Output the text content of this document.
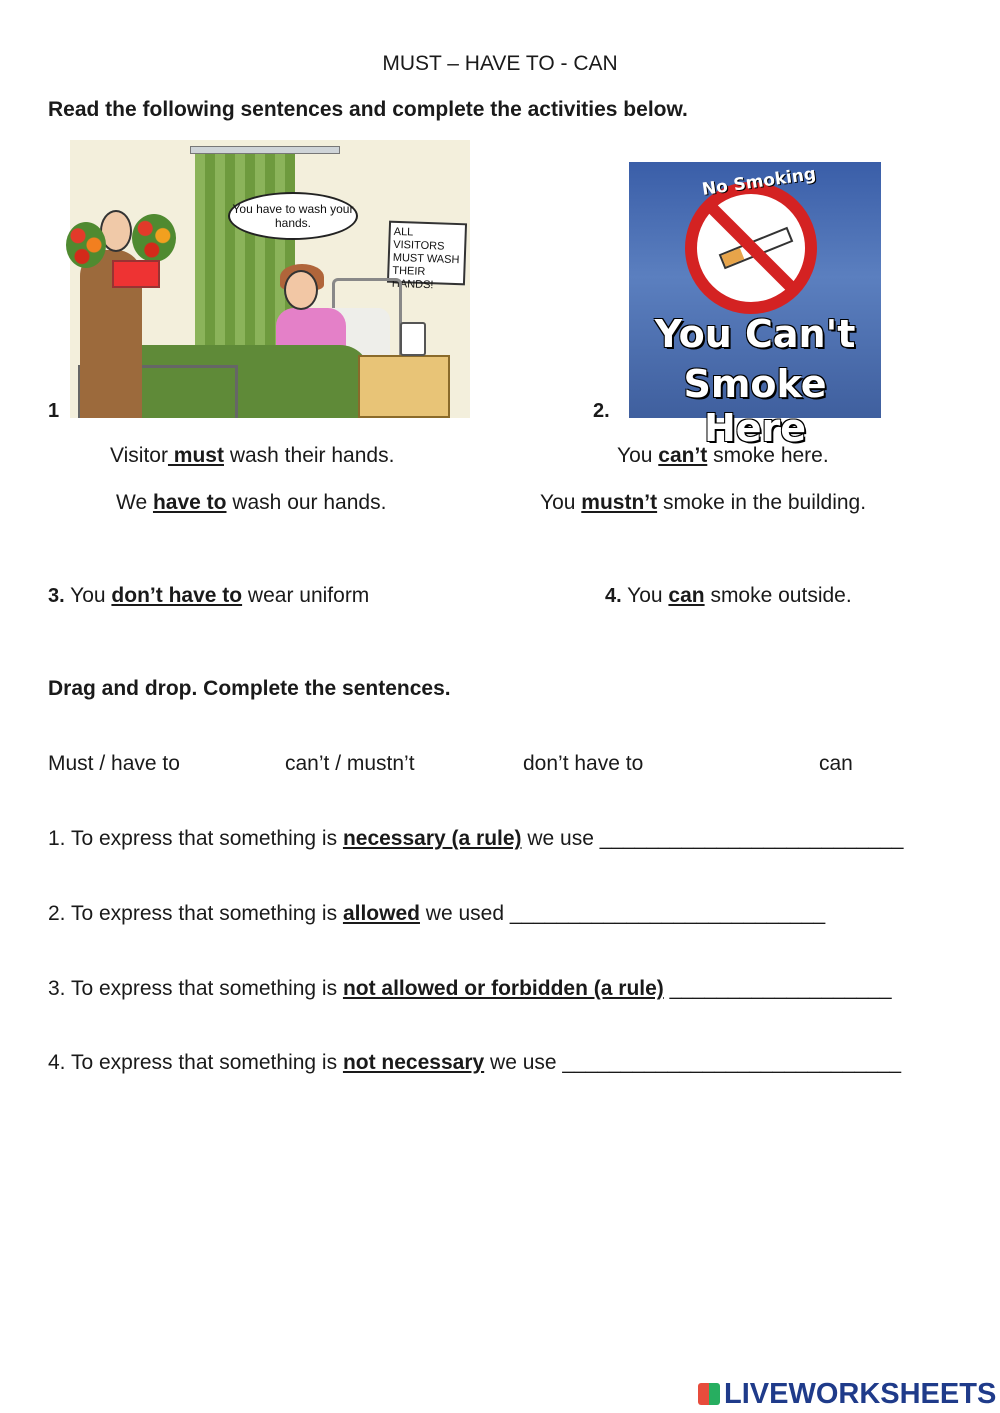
MUST – HAVE TO - CAN
Read the following sentences and complete the activities below.
You have to wash your hands.
ALL VISITORS MUST WASH THEIR HANDS!
1	2.
No Smoking
You Can't
Smoke Here
Visitor must wash their hands.
We have to wash our hands.
You can’t smoke here.
You mustn’t smoke in the building.
3. You don’t have to wear uniform	4. You can smoke outside.
Drag and drop. Complete the sentences.
Must / have to	can’t / mustn’t	don’t have to	can
1. To express that something is necessary (a rule) we use __________________________
2. To express that something is allowed we used ___________________________
3. To express that something is not allowed or forbidden (a rule) ___________________
4. To express that something is not necessary we use _____________________________
LIVEWORKSHEETS
